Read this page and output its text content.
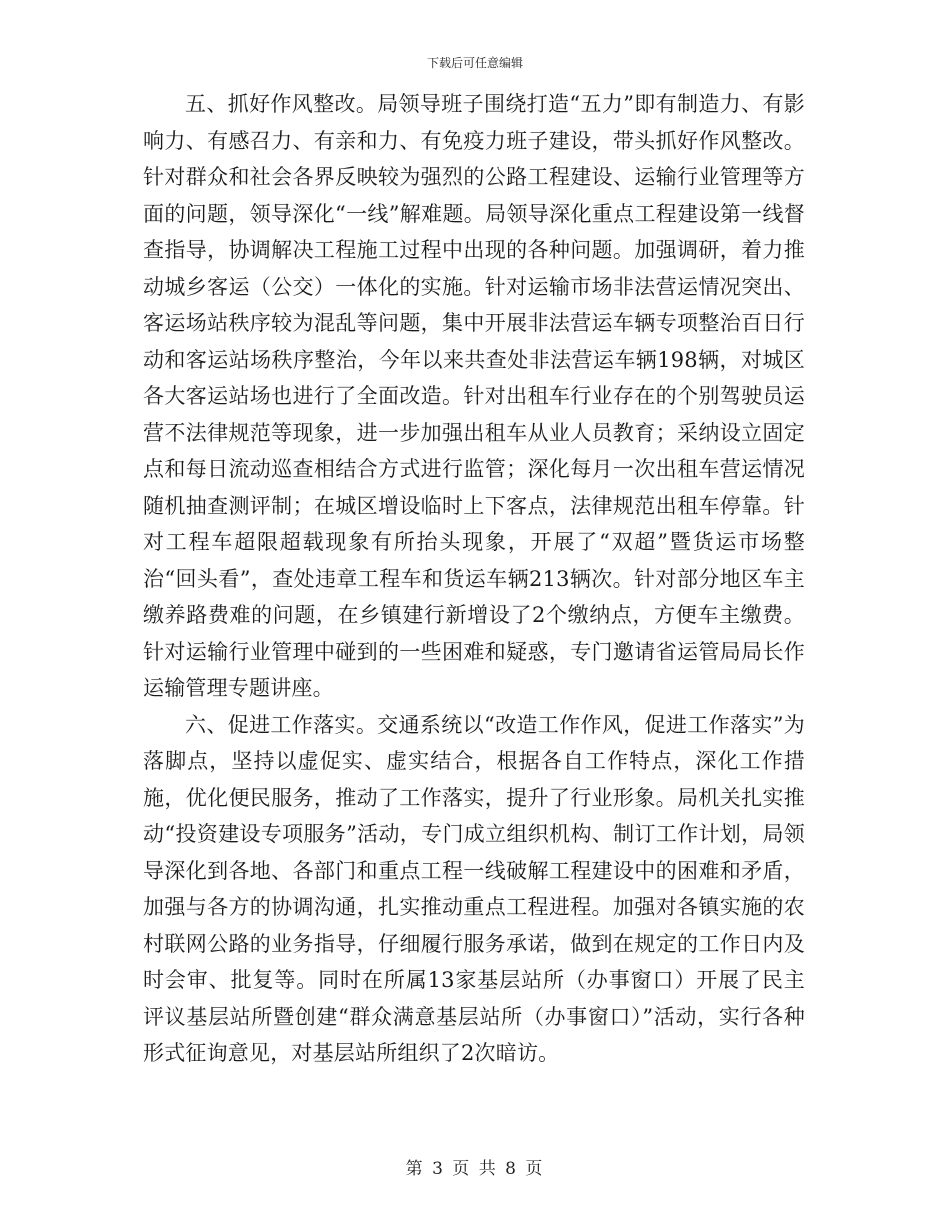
下载后可任意编辑

五、抓好作风整改。局领导班子围绕打造“五力”即有制造力、有影响力、有感召力、有亲和力、有免疫力班子建设，带头抓好作风整改。针对群众和社会各界反映较为强烈的公路工程建设、运输行业管理等方面的问题，领导深化“一线”解难题。局领导深化重点工程建设第一线督查指导，协调解决工程施工过程中出现的各种问题。加强调研，着力推动城乡客运（公交）一体化的实施。针对运输市场非法营运情况突出、客运场站秩序较为混乱等问题，集中开展非法营运车辆专项整治百日行动和客运站场秩序整治，今年以来共查处非法营运车辆198辆，对城区各大客运站场也进行了全面改造。针对出租车行业存在的个别驾驶员运营不法律规范等现象，进一步加强出租车从业人员教育；采纳设立固定点和每日流动巡查相结合方式进行监管；深化每月一次出租车营运情况随机抽查测评制；在城区增设临时上下客点，法律规范出租车停靠。针对工程车超限超载现象有所抬头现象，开展了“双超”暨货运市场整治“回头看”，查处违章工程车和货运车辆213辆次。针对部分地区车主缴养路费难的问题，在乡镇建行新增设了2个缴纳点，方便车主缴费。针对运输行业管理中碰到的一些困难和疑惑，专门邀请省运管局局长作运输管理专题讲座。

六、促进工作落实。交通系统以“改造工作作风，促进工作落实”为落脚点，坚持以虚促实、虚实结合，根据各自工作特点，深化工作措施，优化便民服务，推动了工作落实，提升了行业形象。局机关扎实推动“投资建设专项服务”活动，专门成立组织机构、制订工作计划，局领导深化到各地、各部门和重点工程一线破解工程建设中的困难和矛盾，加强与各方的协调沟通，扎实推动重点工程进程。加强对各镇实施的农村联网公路的业务指导，仔细履行服务承诺，做到在规定的工作日内及时会审、批复等。同时在所属13家基层站所（办事窗口）开展了民主评议基层站所暨创建“群众满意基层站所（办事窗口）”活动，实行各种形式征询意见，对基层站所组织了2次暗访。

第 3 页 共 8 页
